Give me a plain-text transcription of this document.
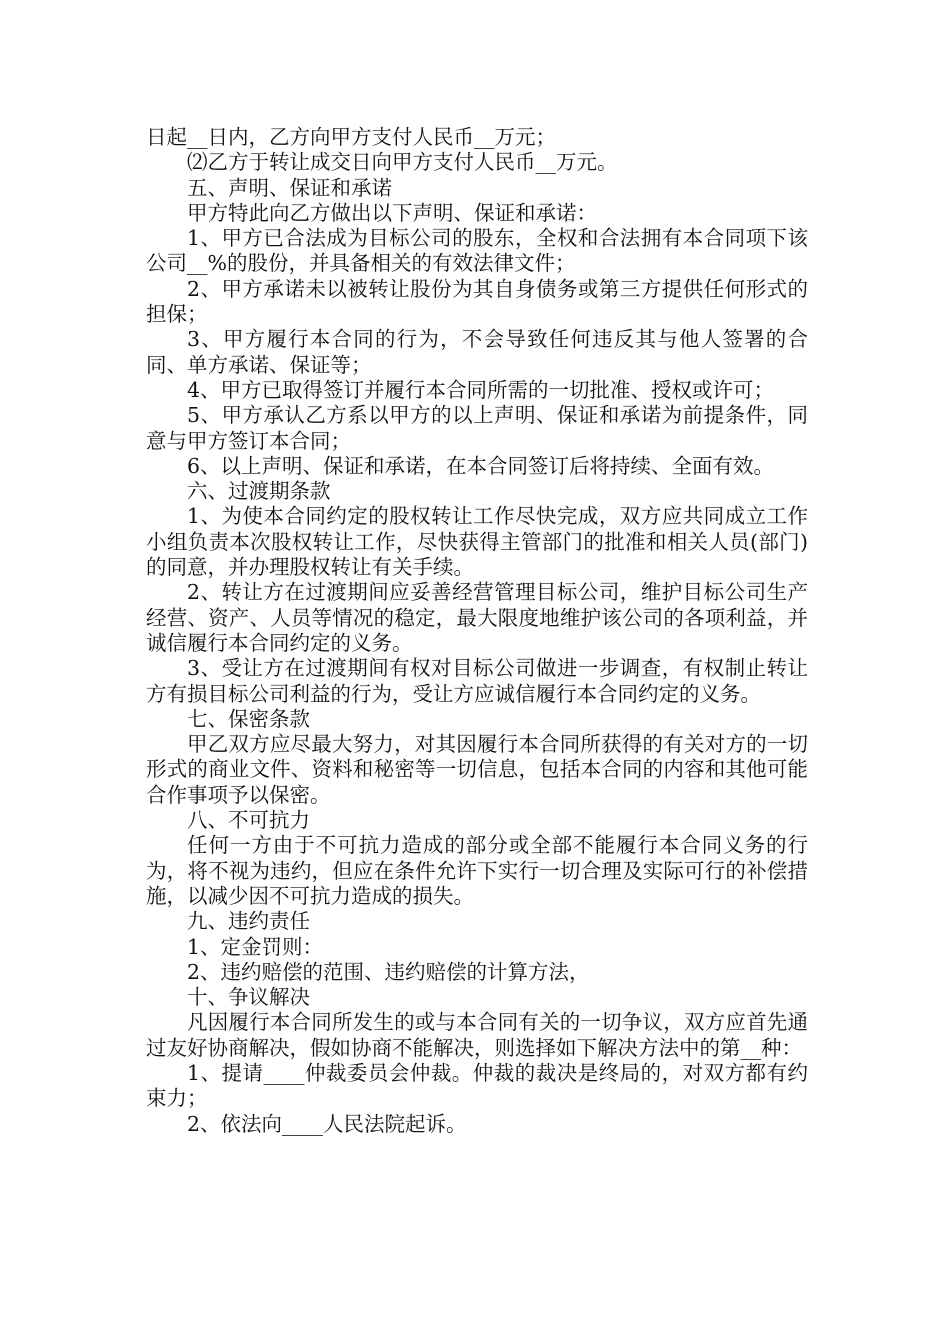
日起__日内，乙方向甲方支付人民币__万元；

⑵乙方于转让成交日向甲方支付人民币__万元。

五、声明、保证和承诺

甲方特此向乙方做出以下声明、保证和承诺：

1、甲方已合法成为目标公司的股东，全权和合法拥有本合同项下该公司__%的股份，并具备相关的有效法律文件；

2、甲方承诺未以被转让股份为其自身债务或第三方提供任何形式的担保；

3、甲方履行本合同的行为，不会导致任何违反其与他人签署的合同、单方承诺、保证等；

4、甲方已取得签订并履行本合同所需的一切批准、授权或许可；

5、甲方承认乙方系以甲方的以上声明、保证和承诺为前提条件，同意与甲方签订本合同；

6、以上声明、保证和承诺，在本合同签订后将持续、全面有效。

六、过渡期条款

1、为使本合同约定的股权转让工作尽快完成，双方应共同成立工作小组负责本次股权转让工作，尽快获得主管部门的批准和相关人员(部门)的同意，并办理股权转让有关手续。

2、转让方在过渡期间应妥善经营管理目标公司，维护目标公司生产经营、资产、人员等情况的稳定，最大限度地维护该公司的各项利益，并诚信履行本合同约定的义务。

3、受让方在过渡期间有权对目标公司做进一步调查，有权制止转让方有损目标公司利益的行为，受让方应诚信履行本合同约定的义务。

七、保密条款

甲乙双方应尽最大努力，对其因履行本合同所获得的有关对方的一切形式的商业文件、资料和秘密等一切信息，包括本合同的内容和其他可能合作事项予以保密。

八、不可抗力

任何一方由于不可抗力造成的部分或全部不能履行本合同义务的行为，将不视为违约，但应在条件允许下实行一切合理及实际可行的补偿措施，以减少因不可抗力造成的损失。

九、违约责任

1、定金罚则：

2、违约赔偿的范围、违约赔偿的计算方法，

十、争议解决

凡因履行本合同所发生的或与本合同有关的一切争议，双方应首先通过友好协商解决，假如协商不能解决，则选择如下解决方法中的第__种：

1、提请____仲裁委员会仲裁。仲裁的裁决是终局的，对双方都有约束力；

2、依法向____人民法院起诉。
